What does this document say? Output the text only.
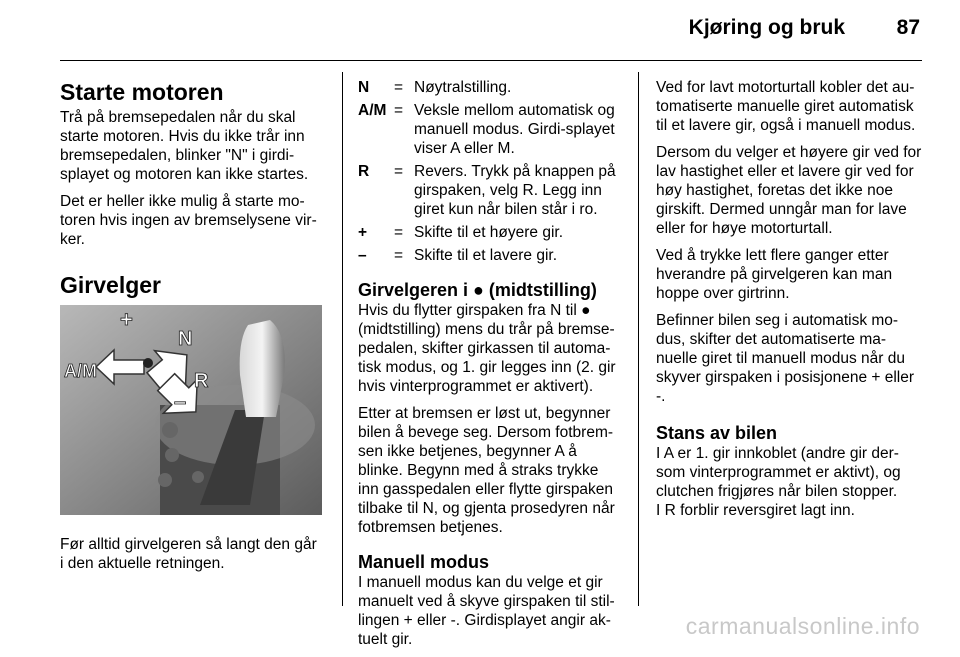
Kjøring og bruk 87
Starte motoren

Trå på bremsepedalen når du skal starte motoren. Hvis du ikke trår inn bremsepedalen, blinker "N" i girdi-splayet og motoren kan ikke startes.

Det er heller ikke mulig å starte mo-toren hvis ingen av bremselysene vir-ker.

Girvelger
+
N
A/M	R
–

Før alltid girvelgeren så langt den går i den aktuelle retningen.

N	=	Nøytralstilling.
A/M	=	Veksle mellom automatisk og manuell modus. Girdi-splayet viser A eller M.
R	=	Revers. Trykk på knappen på girspaken, velg R. Legg inn giret kun når bilen står i ro.
+	=	Skifte til et høyere gir.
–	=	Skifte til et lavere gir.
Girvelgeren i ● (midtstilling)

Hvis du flytter girspaken fra N til ● (midtstilling) mens du trår på bremse-pedalen, skifter girkassen til automa-tisk modus, og 1. gir legges inn (2. gir hvis vinterprogrammet er aktivert).

Etter at bremsen er løst ut, begynner bilen å bevege seg. Dersom fotbrem-sen ikke betjenes, begynner A å blinke. Begynn med å straks trykke inn gasspedalen eller flytte girspaken tilbake til N, og gjenta prosedyren når fotbremsen betjenes.

Manuell modus

I manuell modus kan du velge et gir manuelt ved å skyve girspaken til stil-lingen + eller -. Girdisplayet angir ak-tuelt gir.

Ved for lavt motorturtall kobler det au-tomatiserte manuelle giret automatisk til et lavere gir, også i manuell modus.

Dersom du velger et høyere gir ved for lav hastighet eller et lavere gir ved for høy hastighet, foretas det ikke noe girskift. Dermed unngår man for lave eller for høye motorturtall.

Ved å trykke lett flere ganger etter hverandre på girvelgeren kan man hoppe over girtrinn.

Befinner bilen seg i automatisk mo-dus, skifter det automatiserte ma-nuelle giret til manuell modus når du skyver girspaken i posisjonene + eller -.

Stans av bilen

I A er 1. gir innkoblet (andre gir der-som vinterprogrammet er aktivt), og clutchen frigjøres når bilen stopper.

I R forblir reversgiret lagt inn.

carmanualsonline.info
